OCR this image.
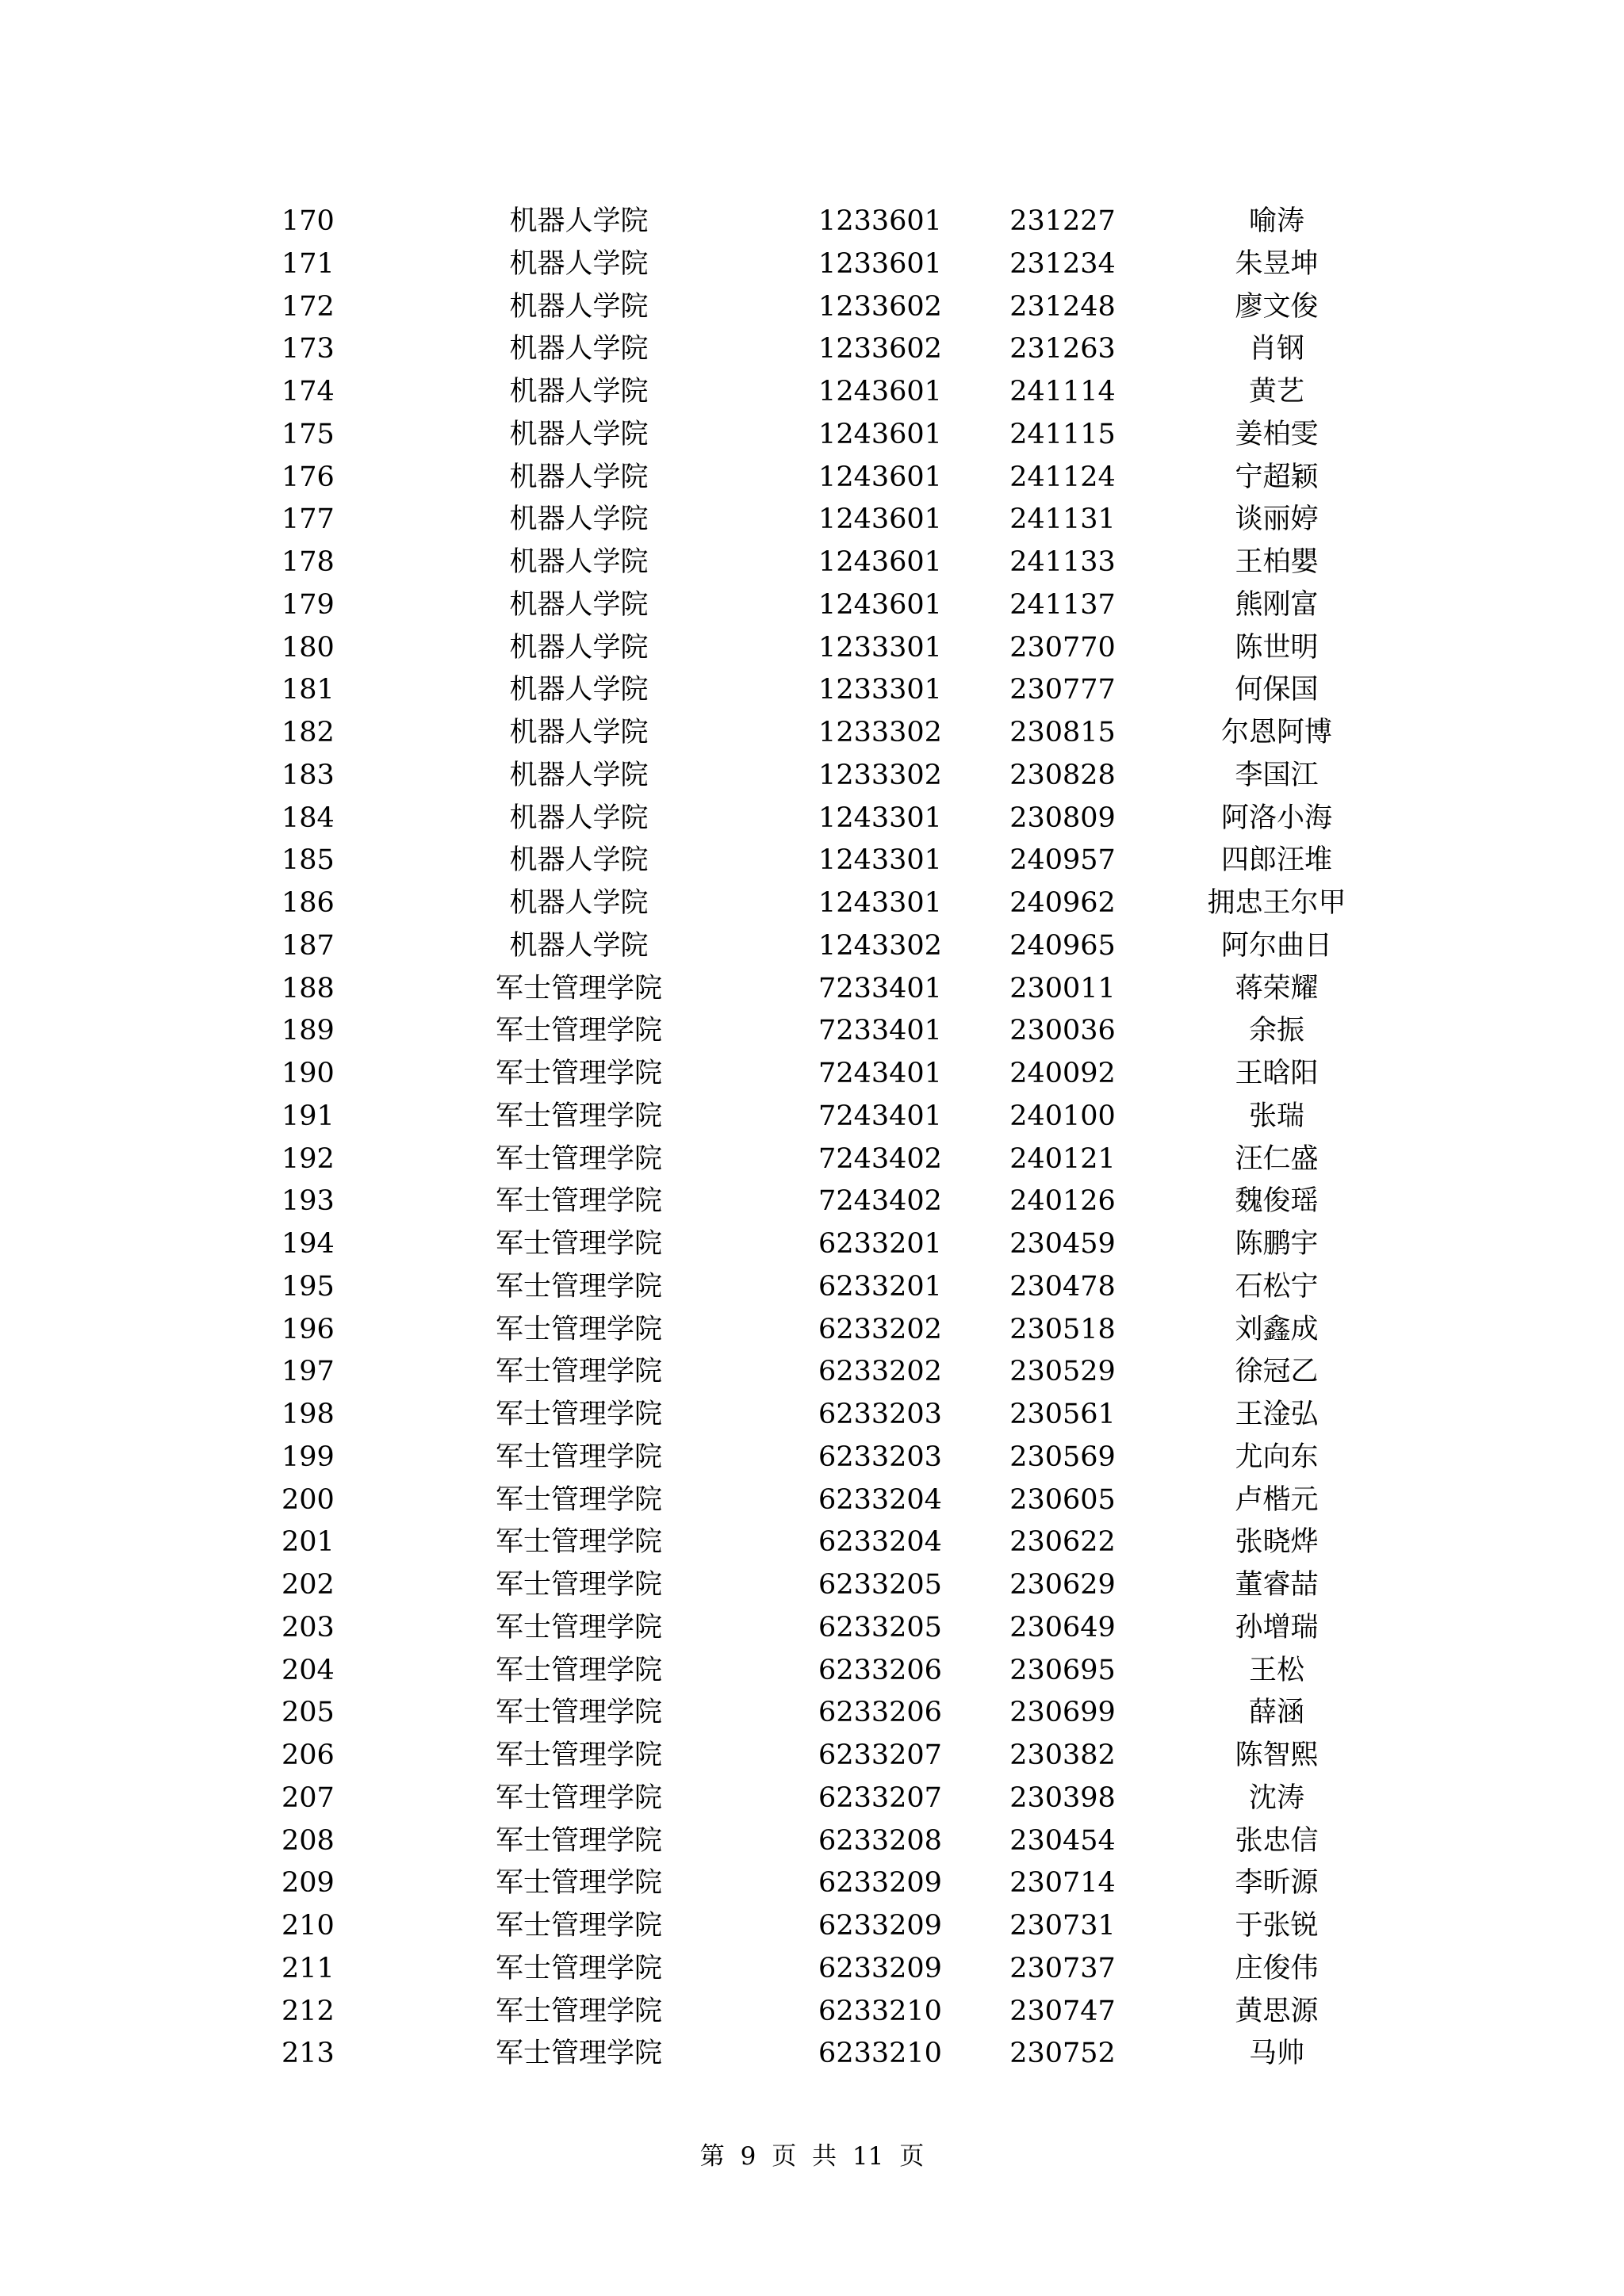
170	机器人学院	1233601	231227	喻涛
171	机器人学院	1233601	231234	朱昱坤
172	机器人学院	1233602	231248	廖文俊
173	机器人学院	1233602	231263	肖钢
174	机器人学院	1243601	241114	黄艺
175	机器人学院	1243601	241115	姜柏雯
176	机器人学院	1243601	241124	宁超颖
177	机器人学院	1243601	241131	谈丽婷
178	机器人学院	1243601	241133	王柏嬰
179	机器人学院	1243601	241137	熊刚富
180	机器人学院	1233301	230770	陈世明
181	机器人学院	1233301	230777	何保国
182	机器人学院	1233302	230815	尔恩阿博
183	机器人学院	1233302	230828	李国江
184	机器人学院	1243301	230809	阿洛小海
185	机器人学院	1243301	240957	四郎汪堆
186	机器人学院	1243301	240962	拥忠王尔甲
187	机器人学院	1243302	240965	阿尔曲日
188	军士管理学院	7233401	230011	蒋荣耀
189	军士管理学院	7233401	230036	余振
190	军士管理学院	7243401	240092	王晗阳
191	军士管理学院	7243401	240100	张瑞
192	军士管理学院	7243402	240121	汪仁盛
193	军士管理学院	7243402	240126	魏俊瑶
194	军士管理学院	6233201	230459	陈鹏宇
195	军士管理学院	6233201	230478	石松宁
196	军士管理学院	6233202	230518	刘鑫成
197	军士管理学院	6233202	230529	徐冠乙
198	军士管理学院	6233203	230561	王淦弘
199	军士管理学院	6233203	230569	尤向东
200	军士管理学院	6233204	230605	卢楷元
201	军士管理学院	6233204	230622	张晓烨
202	军士管理学院	6233205	230629	董睿喆
203	军士管理学院	6233205	230649	孙增瑞
204	军士管理学院	6233206	230695	王松
205	军士管理学院	6233206	230699	薛涵
206	军士管理学院	6233207	230382	陈智熙
207	军士管理学院	6233207	230398	沈涛
208	军士管理学院	6233208	230454	张忠信
209	军士管理学院	6233209	230714	李昕源
210	军士管理学院	6233209	230731	于张锐
211	军士管理学院	6233209	230737	庄俊伟
212	军士管理学院	6233210	230747	黄思源
213	军士管理学院	6233210	230752	马帅
第 9 页 共 11 页
